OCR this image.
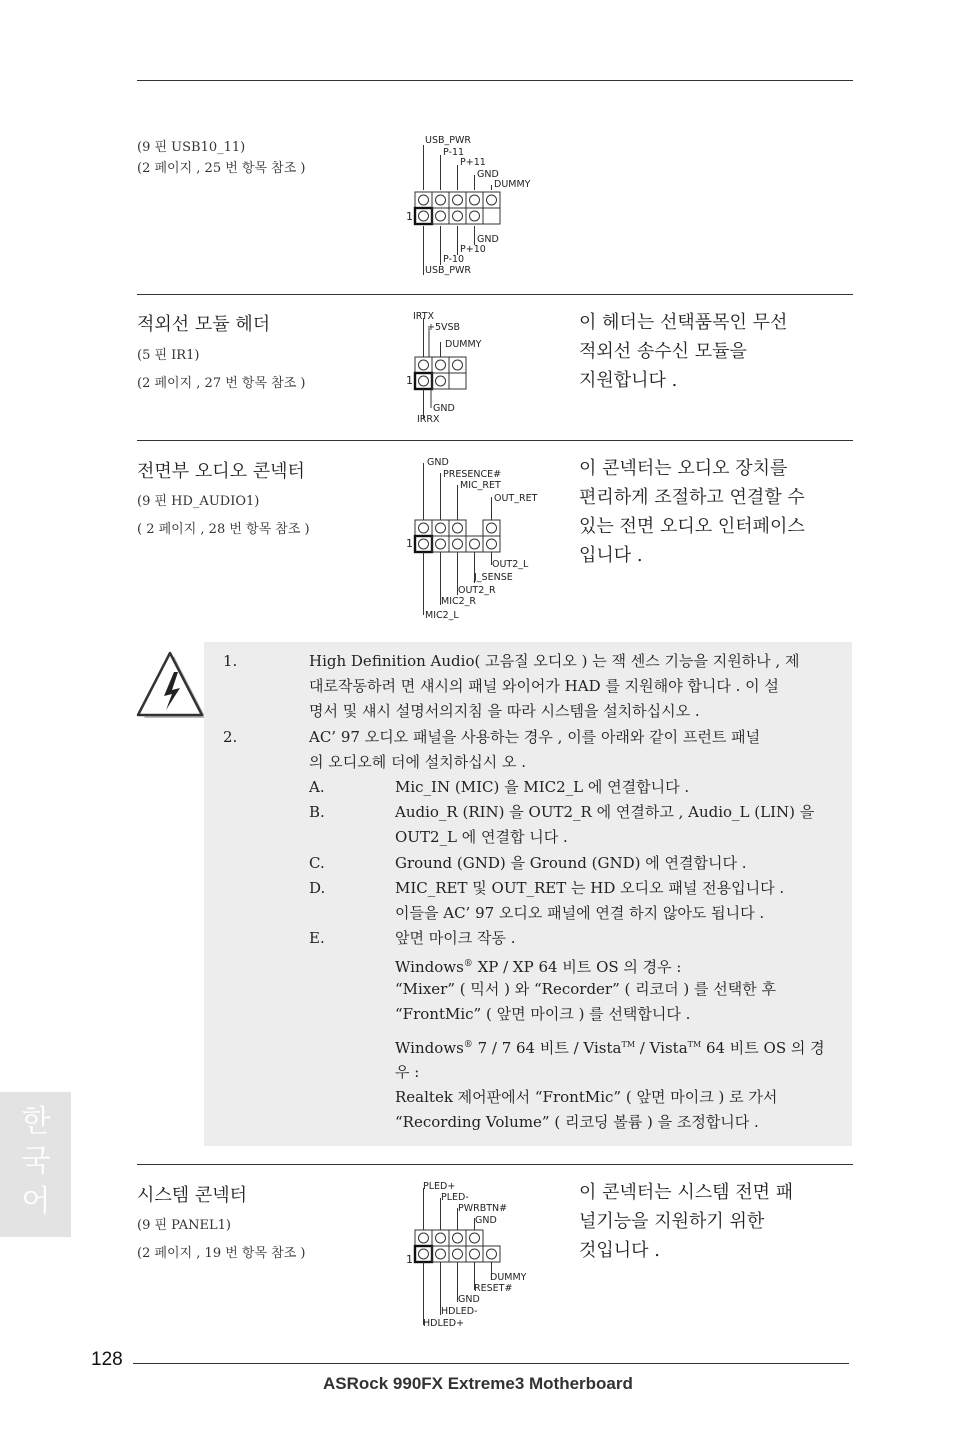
(9 핀 USB10_11)
(2 페이지 , 25 번 항목 참조 )
USB_PWR
P-11
P+11
GND
DUMMY
1
GND
P+10
P-10
USB_PWR
적외선 모듈 헤더
(5 핀 IR1)
(2 페이지 , 27 번 항목 참조 )
IRTX
+5VSB
DUMMY
1
GND
IRRX
이 헤더는 선택품목인 무선
적외선 송수신 모듈을
지원합니다 .
전면부 오디오 콘넥터
(9 핀 HD_AUDIO1)
( 2 페이지 , 28 번 항목 참조 )
GND
PRESENCE#
MIC_RET
OUT_RET
1
OUT2_L
J_SENSE
OUT2_R
MIC2_R
MIC2_L
이 콘넥터는 오디오 장치를
편리하게 조절하고 연결할 수
있는 전면 오디오 인터페이스
입니다 .
1.	High Definition Audio( 고음질 오디오 ) 는 잭 센스 기능을 지원하나 , 제
대로작동하려 면 섀시의 패널 와이어가 HAD 를 지원해야 합니다 . 이 설
명서 및 섀시 설명서의지침 을 따라 시스템을 설치하십시오 .
2.	AC’ 97 오디오 패널을 사용하는 경우 , 이를 아래와 같이 프런트 패널
의 오디오헤 더에 설치하십시 오 .
A.	Mic_IN (MIC) 을 MIC2_L 에 연결합니다 .
B.	Audio_R (RIN) 을 OUT2_R 에 연결하고 , Audio_L (LIN) 을
OUT2_L 에 연결합 니다 .
C.	Ground (GND) 을 Ground (GND) 에 연결합니다 .
D.	MIC_RET 및 OUT_RET 는 HD 오디오 패널 전용입니다 .
이들을 AC’ 97 오디오 패널에 연결 하지 않아도 됩니다 .
E.	앞면 마이크 작동 .
Windows® XP / XP 64 비트 OS 의 경우 :
“Mixer” ( 믹서 ) 와 “Recorder” ( 리코더 ) 를 선택한 후
“FrontMic” ( 앞면 마이크 ) 를 선택합니다 .
Windows® 7 / 7 64 비트 / Vista™ / Vista™ 64 비트 OS 의 경
우 :
Realtek 제어판에서 “FrontMic” ( 앞면 마이크 ) 로 가서
“Recording Volume” ( 리코딩 볼륨 ) 을 조정합니다 .
시스템 콘넥터
(9 핀 PANEL1)
(2 페이지 , 19 번 항목 참조 )
PLED+
PLED-
PWRBTN#
GND
1
DUMMY
RESET#
GND
HDLED-
HDLED+
이 콘넥터는 시스템 전면 패
널기능을 지원하기 위한
것입니다 .
한
국
어
128
ASRock 990FX Extreme3 Motherboard
